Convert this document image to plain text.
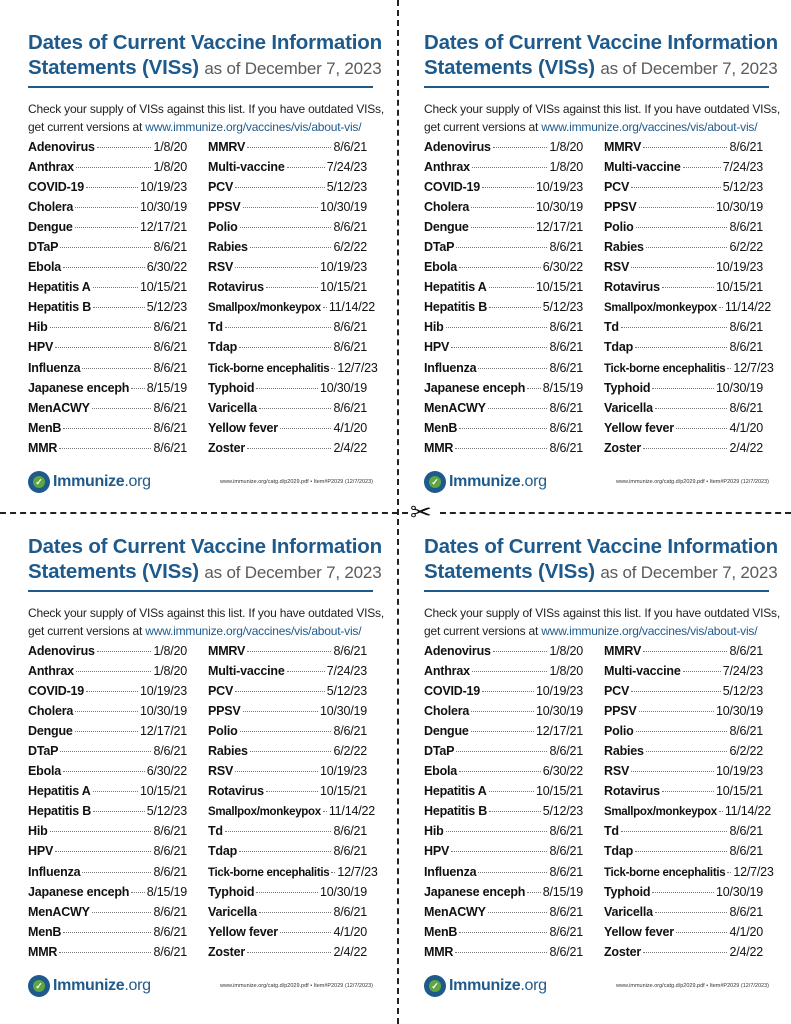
Dates of Current Vaccine Information
Statements (VISs) as of December 7, 2023
Check your supply of VISs against this list. If you have outdated VISs,
get current versions at www.immunize.org/vaccines/vis/about-vis/
Adenovirus	1/8/20
Anthrax	1/8/20
COVID-19	10/19/23
Cholera	10/30/19
Dengue	12/17/21
DTaP	8/6/21
Ebola	6/30/22
Hepatitis A	10/15/21
Hepatitis B	5/12/23
Hib	8/6/21
HPV	8/6/21
Influenza	8/6/21
Japanese enceph 8/15/19
MenACWY	8/6/21
MenB	8/6/21
MMR	8/6/21
MMRV	8/6/21
Multi-vaccine	7/24/23
PCV	5/12/23
PPSV	10/30/19
Polio	8/6/21
Rabies	6/2/22
RSV	10/19/23
Rotavirus	10/15/21
Smallpox/monkeypox 11/14/22
Td	8/6/21
Tdap	8/6/21
Tick-borne encephalitis 12/7/23
Typhoid	10/30/19
Varicella	8/6/21
Yellow fever	4/1/20
Zoster	2/4/22
✓ Immunize.org	www.immunize.org/catg.d/p2029.pdf • Item#P2029 (12/7/2023)
Dates of Current Vaccine Information
Statements (VISs) as of December 7, 2023
Check your supply of VISs against this list. If you have outdated VISs,
get current versions at www.immunize.org/vaccines/vis/about-vis/
Adenovirus	1/8/20
Anthrax	1/8/20
COVID-19	10/19/23
Cholera	10/30/19
Dengue	12/17/21
DTaP	8/6/21
Ebola	6/30/22
Hepatitis A	10/15/21
Hepatitis B	5/12/23
Hib	8/6/21
HPV	8/6/21
Influenza	8/6/21
Japanese enceph 8/15/19
MenACWY	8/6/21
MenB	8/6/21
MMR	8/6/21
MMRV	8/6/21
Multi-vaccine	7/24/23
PCV	5/12/23
PPSV	10/30/19
Polio	8/6/21
Rabies	6/2/22
RSV	10/19/23
Rotavirus	10/15/21
Smallpox/monkeypox 11/14/22
Td	8/6/21
Tdap	8/6/21
Tick-borne encephalitis 12/7/23
Typhoid	10/30/19
Varicella	8/6/21
Yellow fever	4/1/20
Zoster	2/4/22
✓ Immunize.org	www.immunize.org/catg.d/p2029.pdf • Item#P2029 (12/7/2023)
Dates of Current Vaccine Information
Statements (VISs) as of December 7, 2023
Check your supply of VISs against this list. If you have outdated VISs,
get current versions at www.immunize.org/vaccines/vis/about-vis/
Adenovirus	1/8/20
Anthrax	1/8/20
COVID-19	10/19/23
Cholera	10/30/19
Dengue	12/17/21
DTaP	8/6/21
Ebola	6/30/22
Hepatitis A	10/15/21
Hepatitis B	5/12/23
Hib	8/6/21
HPV	8/6/21
Influenza	8/6/21
Japanese enceph 8/15/19
MenACWY	8/6/21
MenB	8/6/21
MMR	8/6/21
MMRV	8/6/21
Multi-vaccine	7/24/23
PCV	5/12/23
PPSV	10/30/19
Polio	8/6/21
Rabies	6/2/22
RSV	10/19/23
Rotavirus	10/15/21
Smallpox/monkeypox 11/14/22
Td	8/6/21
Tdap	8/6/21
Tick-borne encephalitis 12/7/23
Typhoid	10/30/19
Varicella	8/6/21
Yellow fever	4/1/20
Zoster	2/4/22
✓ Immunize.org	www.immunize.org/catg.d/p2029.pdf • Item#P2029 (12/7/2023)
Dates of Current Vaccine Information
Statements (VISs) as of December 7, 2023
Check your supply of VISs against this list. If you have outdated VISs,
get current versions at www.immunize.org/vaccines/vis/about-vis/
Adenovirus	1/8/20
Anthrax	1/8/20
COVID-19	10/19/23
Cholera	10/30/19
Dengue	12/17/21
DTaP	8/6/21
Ebola	6/30/22
Hepatitis A	10/15/21
Hepatitis B	5/12/23
Hib	8/6/21
HPV	8/6/21
Influenza	8/6/21
Japanese enceph 8/15/19
MenACWY	8/6/21
MenB	8/6/21
MMR	8/6/21
MMRV	8/6/21
Multi-vaccine	7/24/23
PCV	5/12/23
PPSV	10/30/19
Polio	8/6/21
Rabies	6/2/22
RSV	10/19/23
Rotavirus	10/15/21
Smallpox/monkeypox 11/14/22
Td	8/6/21
Tdap	8/6/21
Tick-borne encephalitis 12/7/23
Typhoid	10/30/19
Varicella	8/6/21
Yellow fever	4/1/20
Zoster	2/4/22
✓ Immunize.org	www.immunize.org/catg.d/p2029.pdf • Item#P2029 (12/7/2023)
✂
